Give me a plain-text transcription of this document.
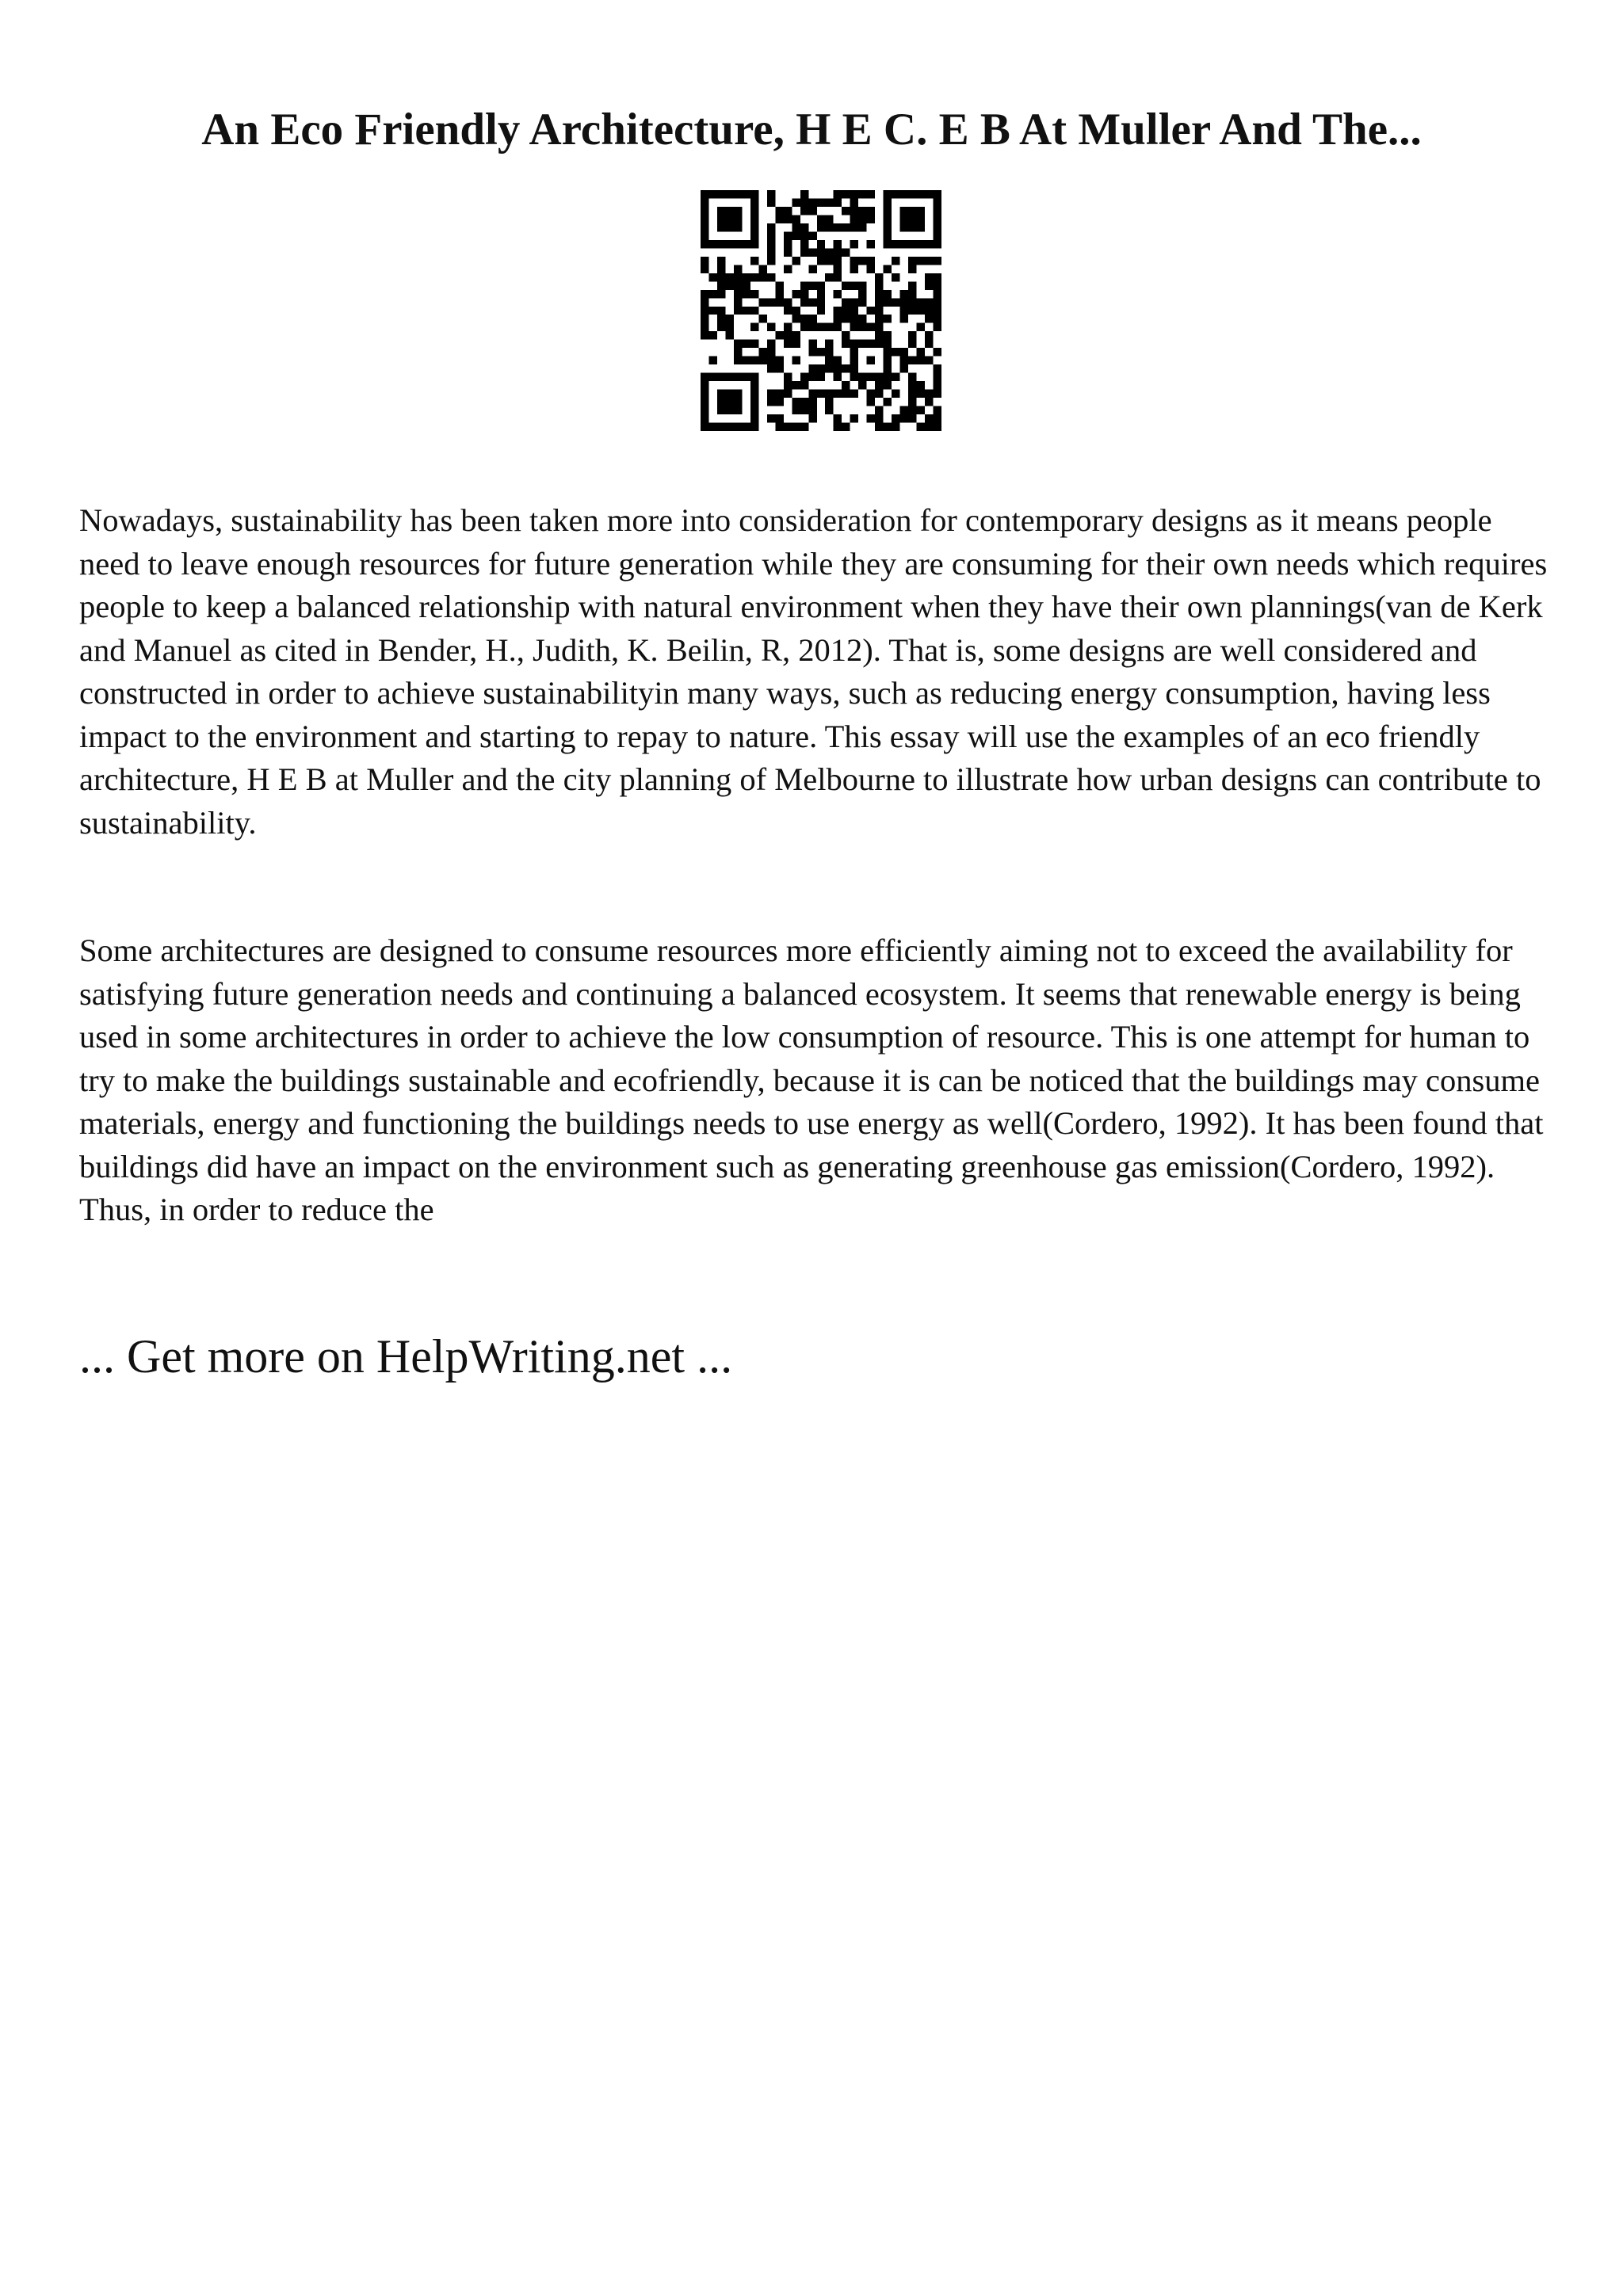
An Eco Friendly Architecture, H E C. E B At Muller And The...

Nowadays, sustainability has been taken more into consideration for contemporary designs as it means people need to leave enough resources for future generation while they are consuming for their own needs which requires people to keep a balanced relationship with natural environment when they have their own plannings(van de Kerk and Manuel as cited in Bender, H., Judith, K. Beilin, R, 2012). That is, some designs are well considered and constructed in order to achieve sustainabilityin many ways, such as reducing energy consumption, having less impact to the environment and starting to repay to nature. This essay will use the examples of an eco friendly architecture, H E B at Muller and the city planning of Melbourne to illustrate how urban designs can contribute to sustainability.

Some architectures are designed to consume resources more efficiently aiming not to exceed the availability for satisfying future generation needs and continuing a balanced ecosystem. It seems that renewable energy is being used in some architectures in order to achieve the low consumption of resource. This is one attempt for human to try to make the buildings sustainable and ecofriendly, because it is can be noticed that the buildings may consume materials, energy and functioning the buildings needs to use energy as well(Cordero, 1992). It has been found that buildings did have an impact on the environment such as generating greenhouse gas emission(Cordero, 1992). Thus, in order to reduce the

... Get more on HelpWriting.net ...
